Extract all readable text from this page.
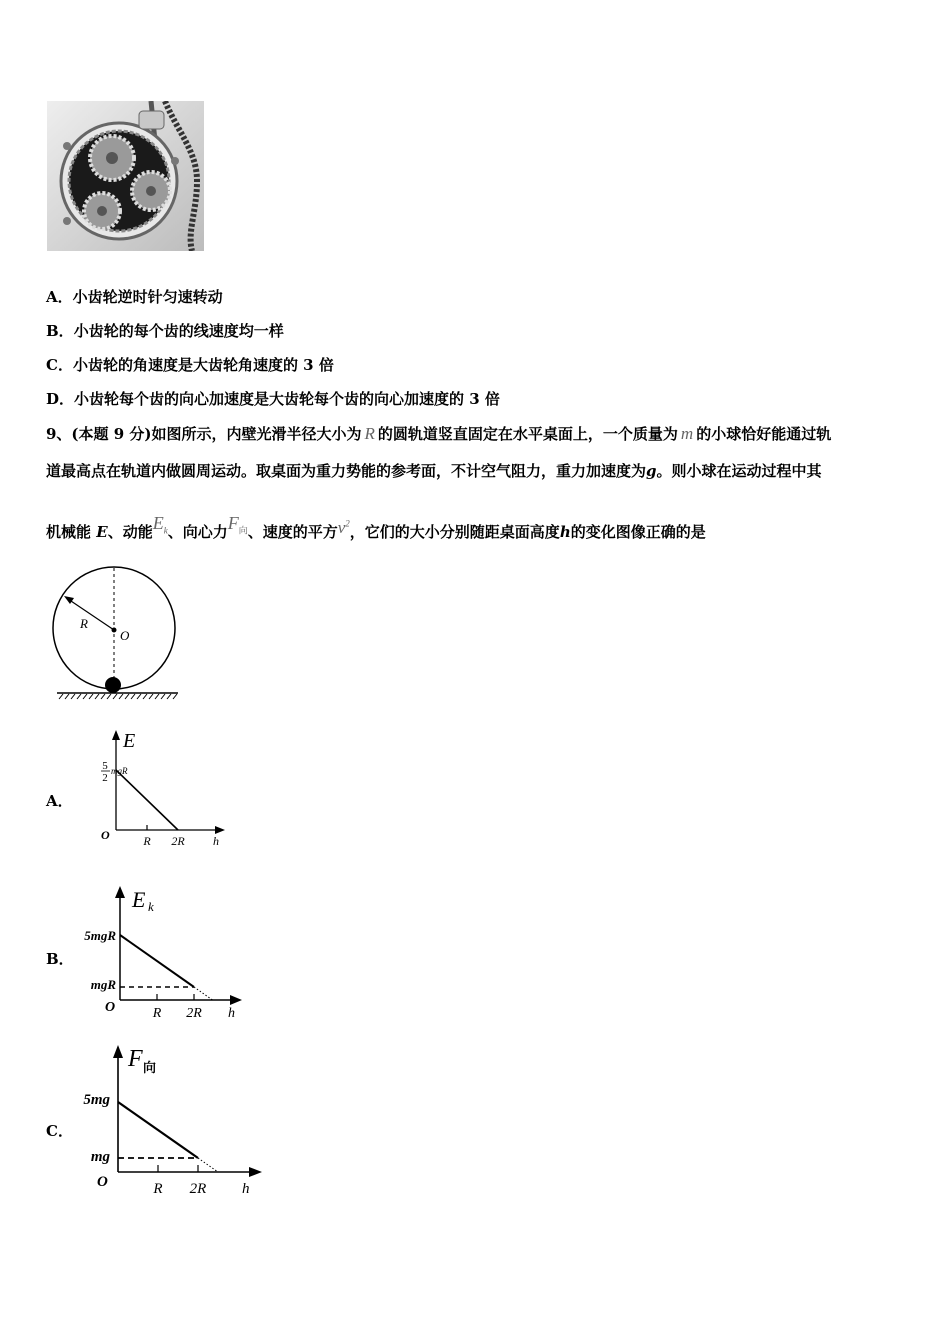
A．小齿轮逆时针匀速转动
B．小齿轮的每个齿的线速度均一样
C．小齿轮的角速度是大齿轮角速度的 3 倍
D．小齿轮每个齿的向心加速度是大齿轮每个齿的向心加速度的 3 倍
9、(本题 9 分)如图所示，内壁光滑半径大小为 R 的圆轨道竖直固定在水平桌面上，一个质量为 m 的小球恰好能通过轨
道最高点在轨道内做圆周运动。取桌面为重力势能的参考面，不计空气阻力，重力加速度为g。则小球在运动过程中其
机械能 E、动能$E_k$、向心力$F_向$、速度的平方$v^2$，它们的大小分别随距桌面高度h的变化图像正确的是
R
O
A．
E
5
2
mgR
O	R 2R h
B．
E k
5mgR
mgR
O	R 2R h
C．
F 向
5mg
mg
O	R 2R h
